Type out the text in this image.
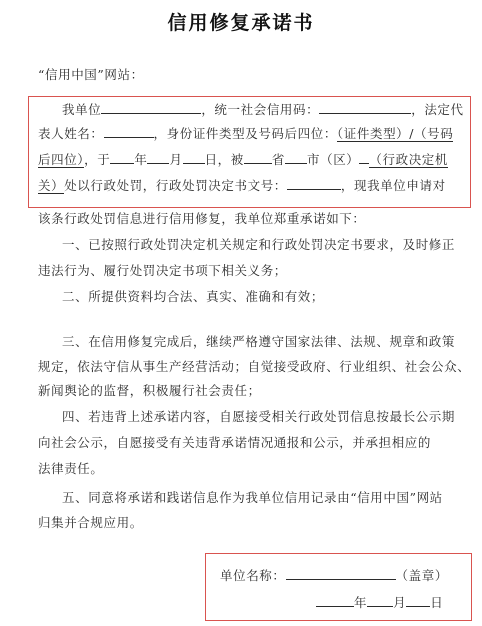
信用修复承诺书
“信用中国”网站：
我单位	，统一社会信用码：	，法定代
表人姓名：	，身份证件类型及号码后四位：（证件类型）/（号码
后四位），于 年 月 日，被 省 市（区） （行政决定机
关）处以行政处罚，行政处罚决定书文号：	，现我单位申请对
该条行政处罚信息进行信用修复，我单位郑重承诺如下：
一、已按照行政处罚决定机关规定和行政处罚决定书要求，及时修正
违法行为、履行处罚决定书项下相关义务；
二、所提供资料均合法、真实、准确和有效；
三、在信用修复完成后，继续严格遵守国家法律、法规、规章和政策
规定，依法守信从事生产经营活动；自觉接受政府、行业组织、社会公众、
新闻舆论的监督，积极履行社会责任；
四、若违背上述承诺内容，自愿接受相关行政处罚信息按最长公示期
向社会公示，自愿接受有关违背承诺情况通报和公示，并承担相应的
法律责任。
五、同意将承诺和践诺信息作为我单位信用记录由“信用中国”网站
归集并合规应用。
单位名称：	（盖章）
年 月 日
